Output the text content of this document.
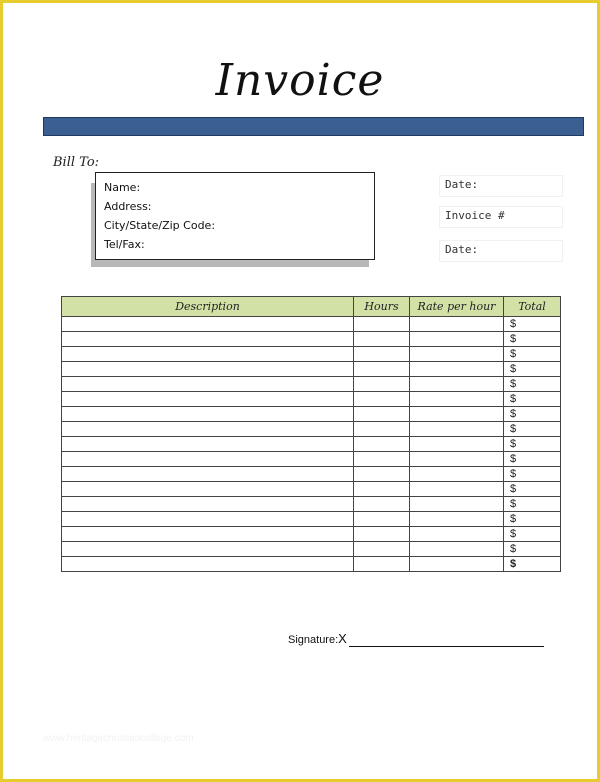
Invoice
Bill To:
Name:
Address:
City/State/Zip Code:
Tel/Fax:
Date:
Invoice #
Date:
Description	Hours	Rate per hour	Total
			$
			$
			$
			$
			$
			$
			$
			$
			$
			$
			$
			$
			$
			$
			$
			$
			$
Signature:X
www.heritagechristiancollege.com
